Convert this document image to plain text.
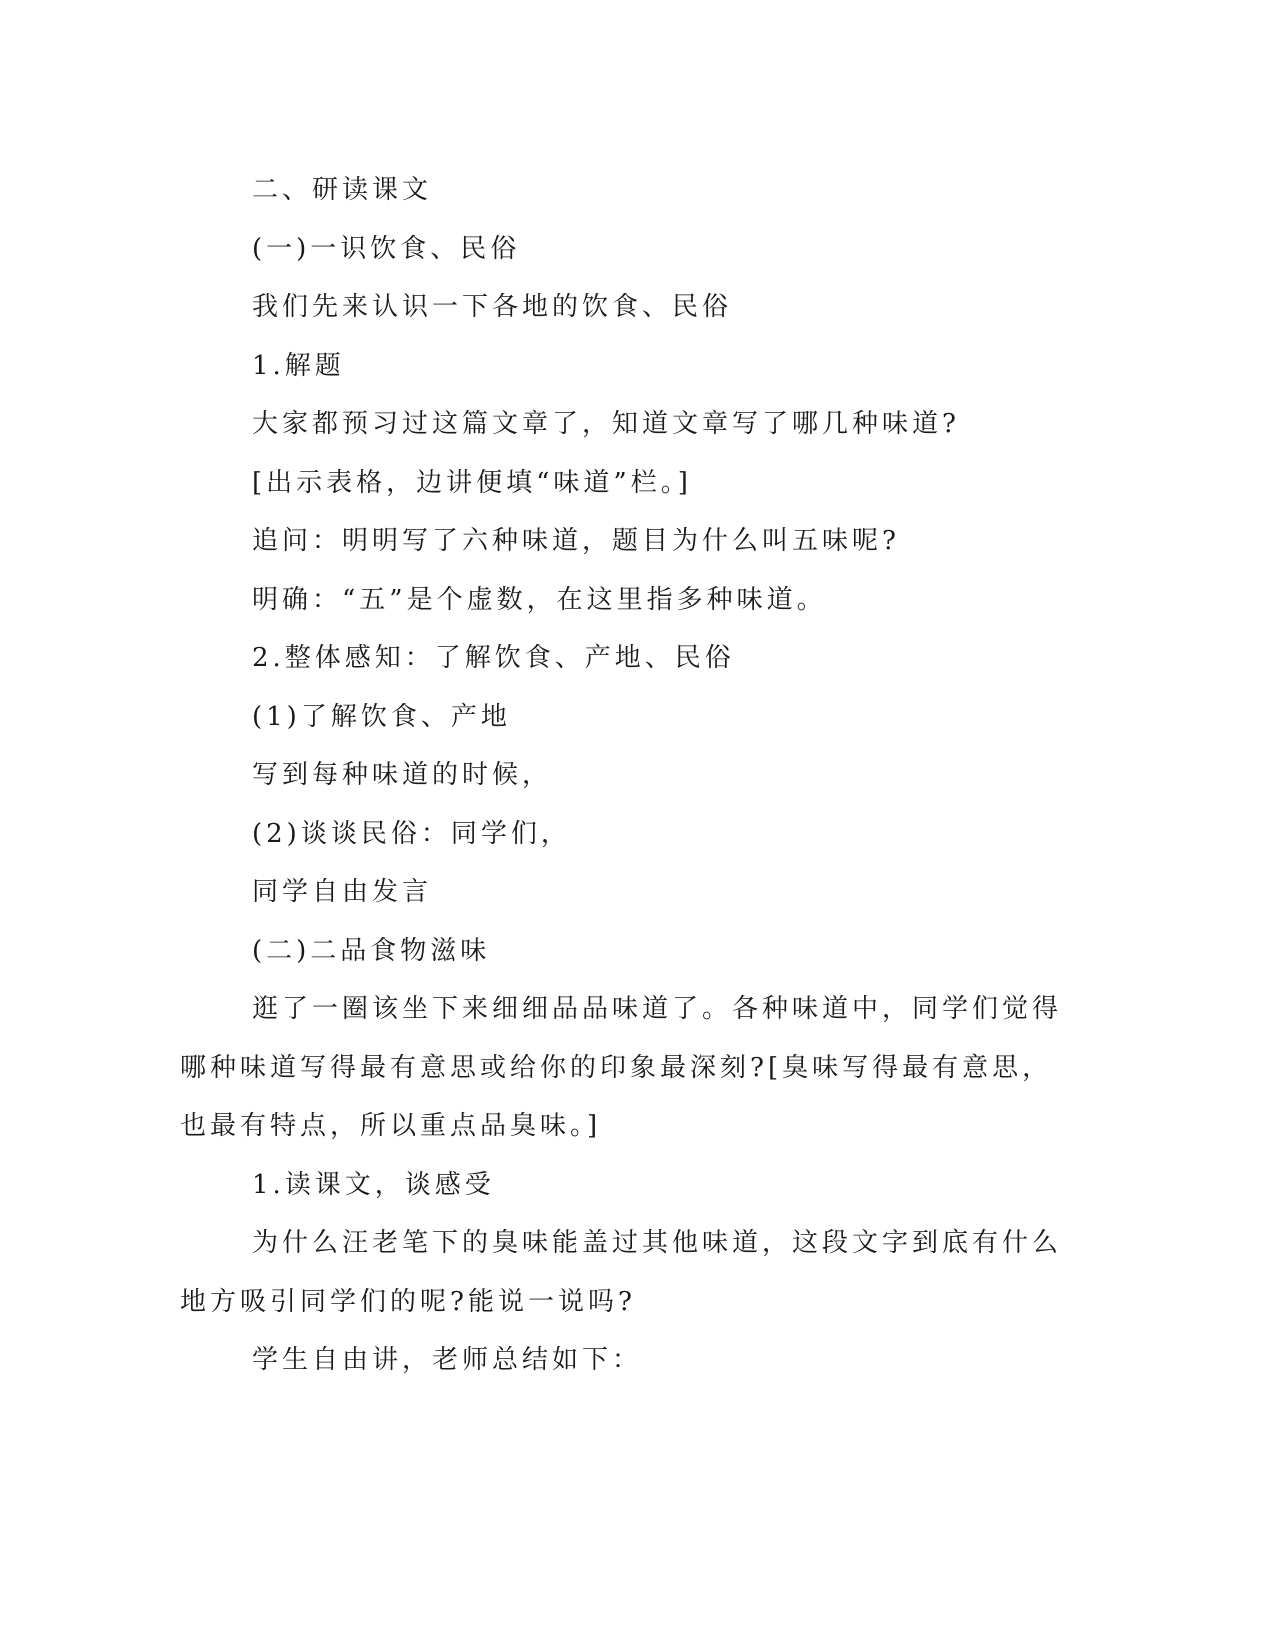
二、研读课文

(一)一识饮食、民俗

我们先来认识一下各地的饮食、民俗

1.解题

大家都预习过这篇文章了，知道文章写了哪几种味道?

[出示表格，边讲便填“味道”栏。]

追问：明明写了六种味道，题目为什么叫五味呢?

明确：“五”是个虚数，在这里指多种味道。

2.整体感知：了解饮食、产地、民俗

(1)了解饮食、产地

写到每种味道的时候，

(2)谈谈民俗：同学们，

同学自由发言

(二)二品食物滋味

逛了一圈该坐下来细细品品味道了。各种味道中，同学们觉得哪种味道写得最有意思或给你的印象最深刻?[臭味写得最有意思，也最有特点，所以重点品臭味。]

1.读课文，谈感受

为什么汪老笔下的臭味能盖过其他味道，这段文字到底有什么地方吸引同学们的呢?能说一说吗?

学生自由讲，老师总结如下：
